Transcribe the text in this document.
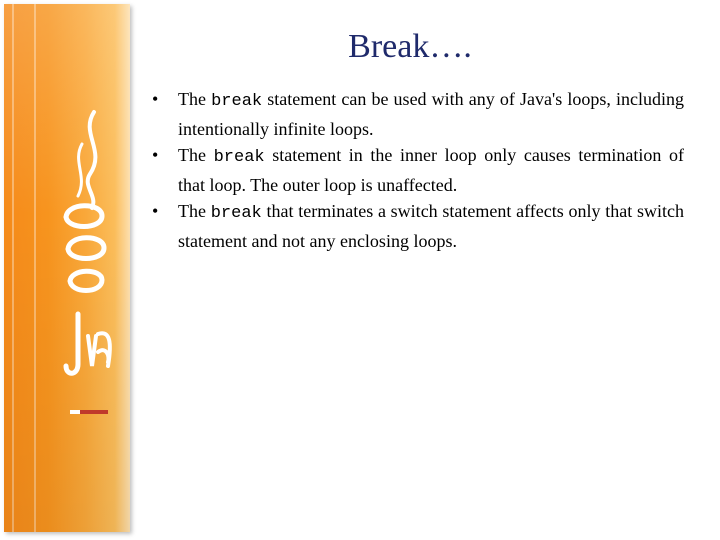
Break….
• The break statement can be used with any of Java's loops, including intentionally infinite loops.
• The break statement in the inner loop only causes termination of that loop. The outer loop is unaffected.
• The break that terminates a switch statement affects only that switch statement and not any enclosing loops.
